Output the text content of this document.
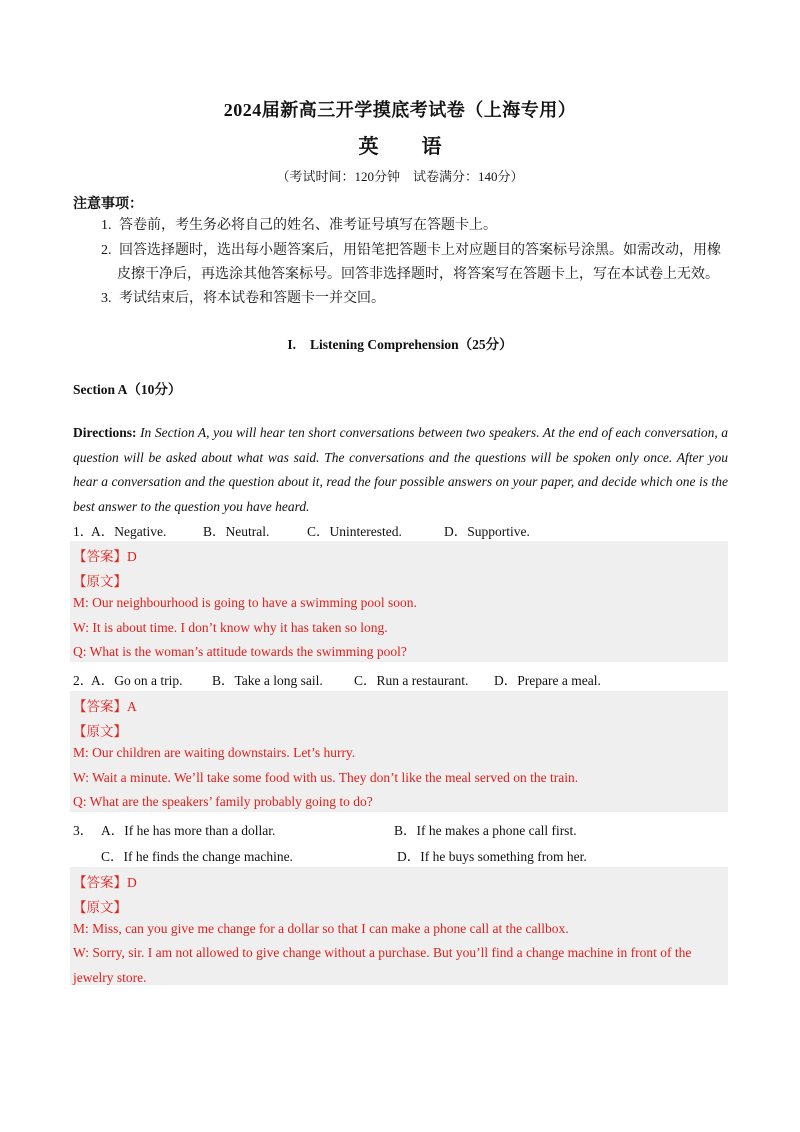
2024届新高三开学摸底考试卷（上海专用）
英 语
（考试时间：120分钟　试卷满分：140分）
注意事项：
1. 答卷前，考生务必将自己的姓名、准考证号填写在答题卡上。
2. 回答选择题时，选出每小题答案后，用铅笔把答题卡上对应题目的答案标号涂黑。如需改动，用橡
皮擦干净后，再选涂其他答案标号。回答非选择题时，将答案写在答题卡上，写在本试卷上无效。
3. 考试结束后，将本试卷和答题卡一并交回。
I. Listening Comprehension（25分）
Section A（10分）
Directions: In Section A, you will hear ten short conversations between two speakers. At the end of each conversation, a question will be asked about what was said. The conversations and the questions will be spoken only once. After you hear a conversation and the question about it, read the four possible answers on your paper, and decide which one is the best answer to the question you have heard.
1．
A．Negative.	B．Neutral.	C．Uninterested.	D．Supportive.
【答案】D
【原文】
M: Our neighbourhood is going to have a swimming pool soon.
W: It is about time. I don’t know why it has taken so long.
Q: What is the woman’s attitude towards the swimming pool?
2．
A．Go on a trip. B．Take a long sail. C．Run a restaurant. D．Prepare a meal.
【答案】A
【原文】
M: Our children are waiting downstairs. Let’s hurry.
W: Wait a minute. We’ll take some food with us. They don’t like the meal served on the train.
Q: What are the speakers’ family probably going to do?
3． A．If he has more than a dollar.	B．If he makes a phone call first.
C．If he finds the change machine.	D．If he buys something from her.
【答案】D
【原文】
M: Miss, can you give me change for a dollar so that I can make a phone call at the callbox.
W: Sorry, sir. I am not allowed to give change without a purchase. But you’ll find a change machine in front of the jewelry store.
